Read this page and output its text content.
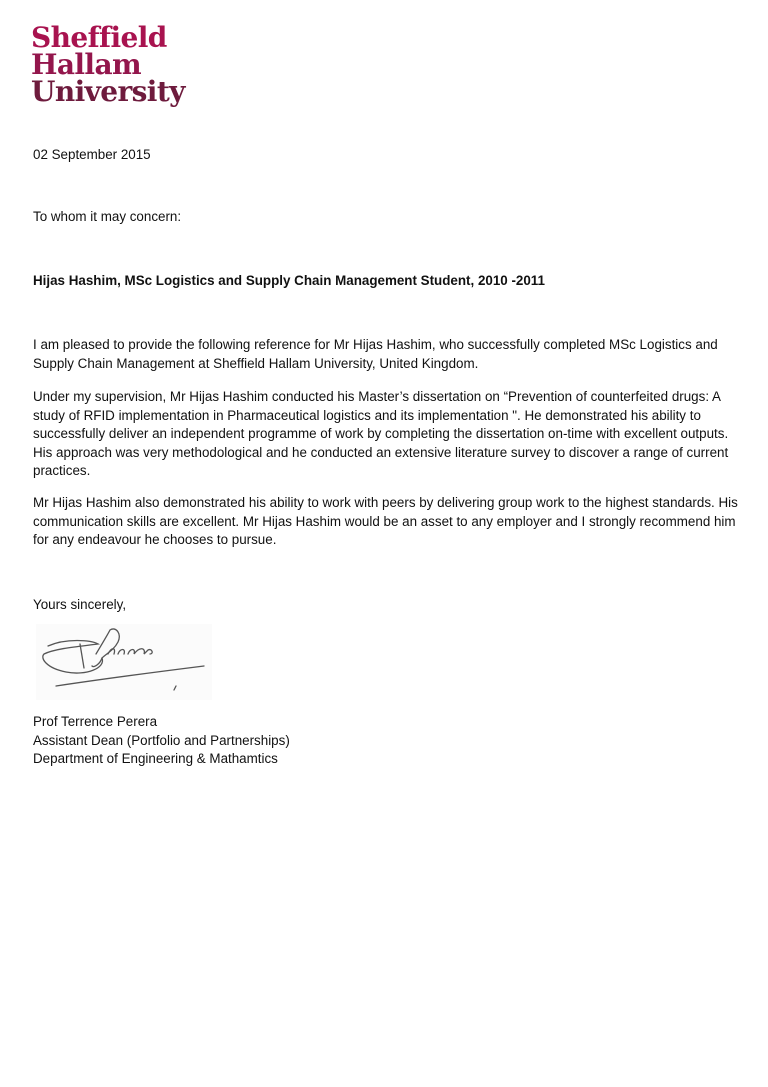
Sheffield
Hallam
University
02 September 2015
To whom it may concern:
Hijas Hashim, MSc Logistics and Supply Chain Management Student, 2010 -2011
I am pleased to provide the following reference for Mr Hijas Hashim, who successfully completed MSc Logistics and Supply Chain Management at Sheffield Hallam University, United Kingdom.
Under my supervision, Mr Hijas Hashim conducted his Master’s dissertation on “Prevention of counterfeited drugs: A study of RFID implementation in Pharmaceutical logistics and its implementation ". He demonstrated his ability to successfully deliver an independent programme of work by completing the dissertation on-time with excellent outputs. His approach was very methodological and he conducted an extensive literature survey to discover a range of current practices.
Mr Hijas Hashim also demonstrated his ability to work with peers by delivering group work to the highest standards. His communication skills are excellent. Mr Hijas Hashim would be an asset to any employer and I strongly recommend him for any endeavour he chooses to pursue.
Yours sincerely,
Prof Terrence Perera
Assistant Dean (Portfolio and Partnerships)
Department of Engineering & Mathamtics
